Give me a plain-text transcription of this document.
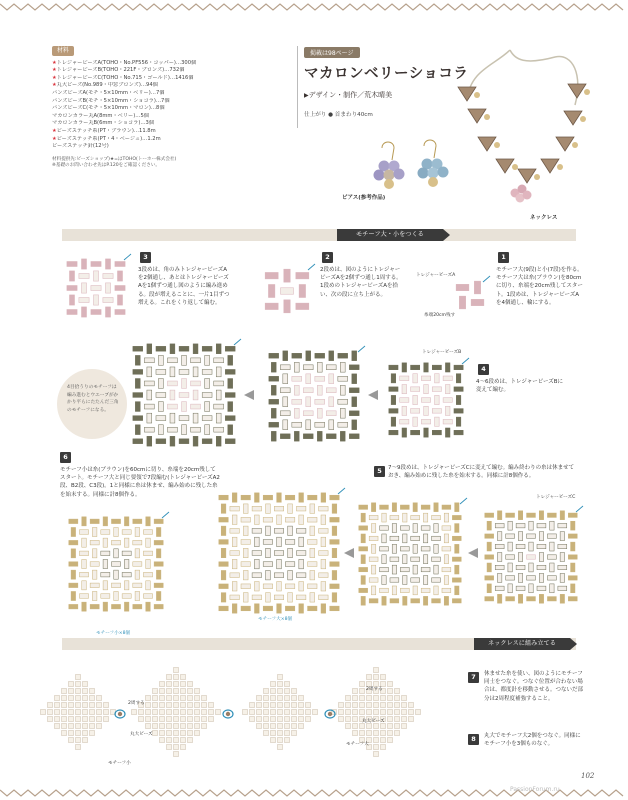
材料
★トレジャービーズA(TOHO・No.PF556・コッパー)…300個
★トレジャービーズB(TOHO・221F・ブロンズ)…732個
★トレジャービーズC(TOHO・No.715・ゴールド)…1416個
★丸大ビーズ(No.989・中窓ブロンズ)…94個
バンズビーズA(モチ・5×10mm・ベリー)…7個
バンズビーズB(モチ・5×10mm・ショコラ)…7個
バンズビーズC(モチ・5×10mm・マロン)…8個
マカロンカラー丸A(8mm・ベリー)…5個
マカロンカラー丸B(6mm・ショコラ)…3個
★ビーズステッチ糸(PT・ブラウン)…11.8m
★ビーズステッチ糸(PT・4・ベージュ)…1.2m
ビーズステッチ針(12号)
材料提供先:ビーズショップ)★=はTOHO(トーホー株式会社)
※基礎のお問い合わせ先はP.120をご確認ください。
掲載は98ページ
マカロンベリーショコラ
▶デザイン・制作／荒木晴美
仕上がり ● 首まわり40cm
ピアス(参考作品)
ネックレス
モチーフ大・小をつくる
3
3段めは、角のみトレジャービーズAを2個通し、あとはトレジャービーズAを1個ずつ通し図のように編み進める。段が増えることに、一片1目ずつ増える。これをくり返して編む。
2
2段めは、図のようにトレジャービーズAを2個ずつ通し1周する。1段めのトレジャービーズAを拾い、次の段に立ち上がる。
トレジャービーズA
糸端20cm残す
1
モチーフ大(9段)と小(7段)を作る。モチーフ大は糸(ブラウン)を80cmに切り、糸端を20cm残してスタート。1段めは、トレジャービーズAを4個通し、輪にする。
トレジャービーズB
4
4〜6段めは、トレジャービーズBに変えて編む。
4目拾うりのモチーフは編み進むとウエーブがかかり平らにたたんだ三角のモチーフになる。
6
モチーフ小は糸(ブラウン)を60cmに切り、糸端を20cm残してスタート。モチーフ大と同じ要領で7段編む(トレジャービーズA2段、B2段、C3段)。1と同様に糸は休ませ、編み始めに残した糸を始末する。同様に計8個作る。
モチーフ小×8個
5	7〜9段めは、トレジャービーズCに変えて編む。編み終わりの糸は休ませておき、編み始めに残した糸を始末する。同様に計8個作る。
トレジャービーズC
モチーフ大×8個
ネックレスに組み立てる
2周する
丸大ビーズ
モチーフ小
2周する
丸大ビーズ
モチーフ大
7	休ませた糸を使い、図のようにモチーフ同士をつなぐ。つなぐ位置が合わない場合は、都度針を移動させる。つないだ部分は2周程度補強すること。
8	丸大でモチーフ大2個をつなぐ。同様にモチーフ小を3個ものなぐ。
102
PassionForum.ru
